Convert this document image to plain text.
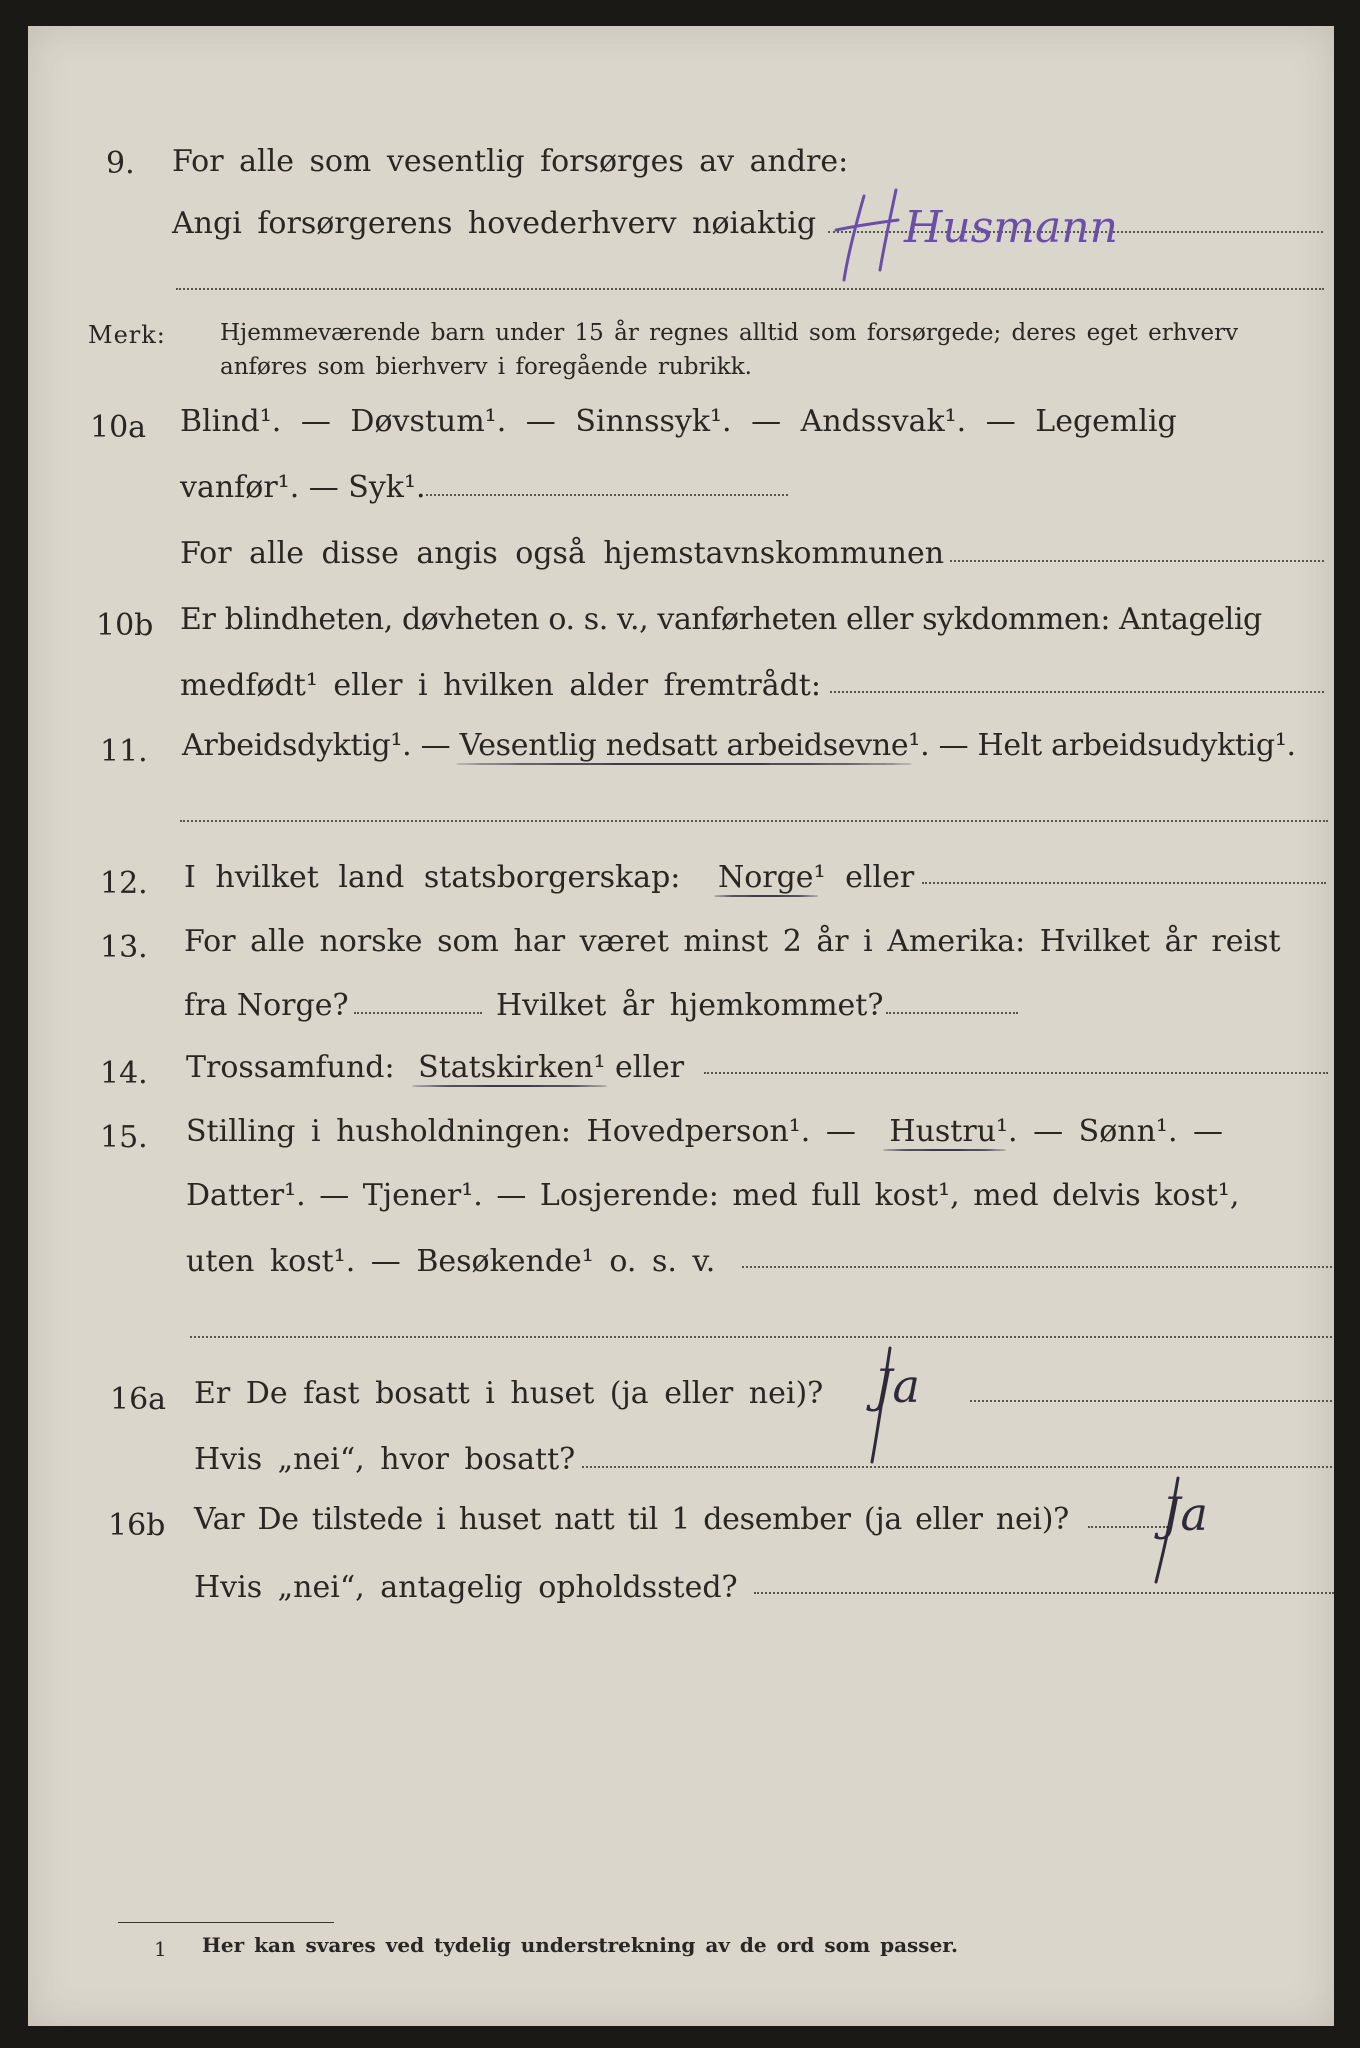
9. For alle som vesentlig forsørges av andre:
Angi forsørgerens hovederhverv nøiaktig Husmann
Merk: Hjemmeværende barn under 15 år regnes alltid som forsørgede; deres eget erhverv
anføres som bierhverv i foregående rubrikk.
10a Blind¹. — Døvstum¹. — Sinnssyk¹. — Andssvak¹. — Legemlig
vanfør¹. — Syk¹.
For alle disse angis også hjemstavnskommunen
10b Er blindheten, døvheten o. s. v., vanførheten eller sykdommen: Antagelig
medfødt¹ eller i hvilken alder fremtrådt:
11. Arbeidsdyktig¹. — Vesentlig nedsatt arbeidsevne
¹. — Helt arbeidsudyktig¹.
12. I hvilket land statsborgerskap: Norge
¹ eller
13. For alle norske som har været minst 2 år i Amerika: Hvilket år reist
fra Norge?	Hvilket år hjemkommet?
14. Trossamfund: Statskirken
¹ eller
15. Stilling i husholdningen: Hovedperson¹. — Hustru
¹. — Sønn¹. —
Datter¹. — Tjener¹. — Losjerende: med full kost¹, med delvis kost¹,
uten kost¹. — Besøkende¹ o. s. v.
16a Er De fast bosatt i huset (ja eller nei)? Ja
Hvis „nei“, hvor bosatt?
16b Var De tilstede i huset natt til 1 desember (ja eller nei)? Ja
Hvis „nei“, antagelig opholdssted?
1 Her kan svares ved tydelig understrekning av de ord som passer.
